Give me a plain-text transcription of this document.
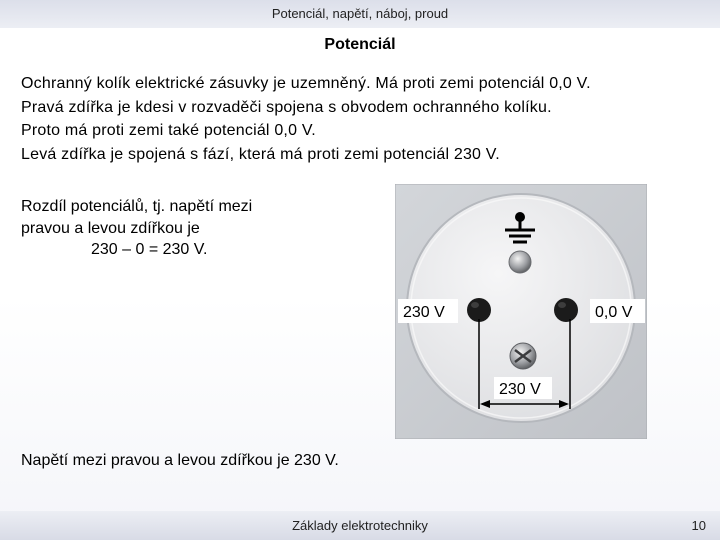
Potenciál, napětí, náboj, proud
Potenciál
Ochranný kolík elektrické zásuvky je uzemněný. Má proti zemi potenciál 0,0 V.
Pravá zdířka je kdesi v rozvaděči spojena s obvodem ochranného kolíku.
Proto má proti zemi také potenciál 0,0 V.
Levá zdířka je spojená s fází, která má proti zemi potenciál 230 V.
Rozdíl potenciálů, tj. napětí mezi
pravou a levou zdířkou je
230 – 0 = 230 V.
230 V	0,0 V
230 V
Napětí mezi pravou a levou zdířkou je 230 V.
Základy elektrotechniky	10
